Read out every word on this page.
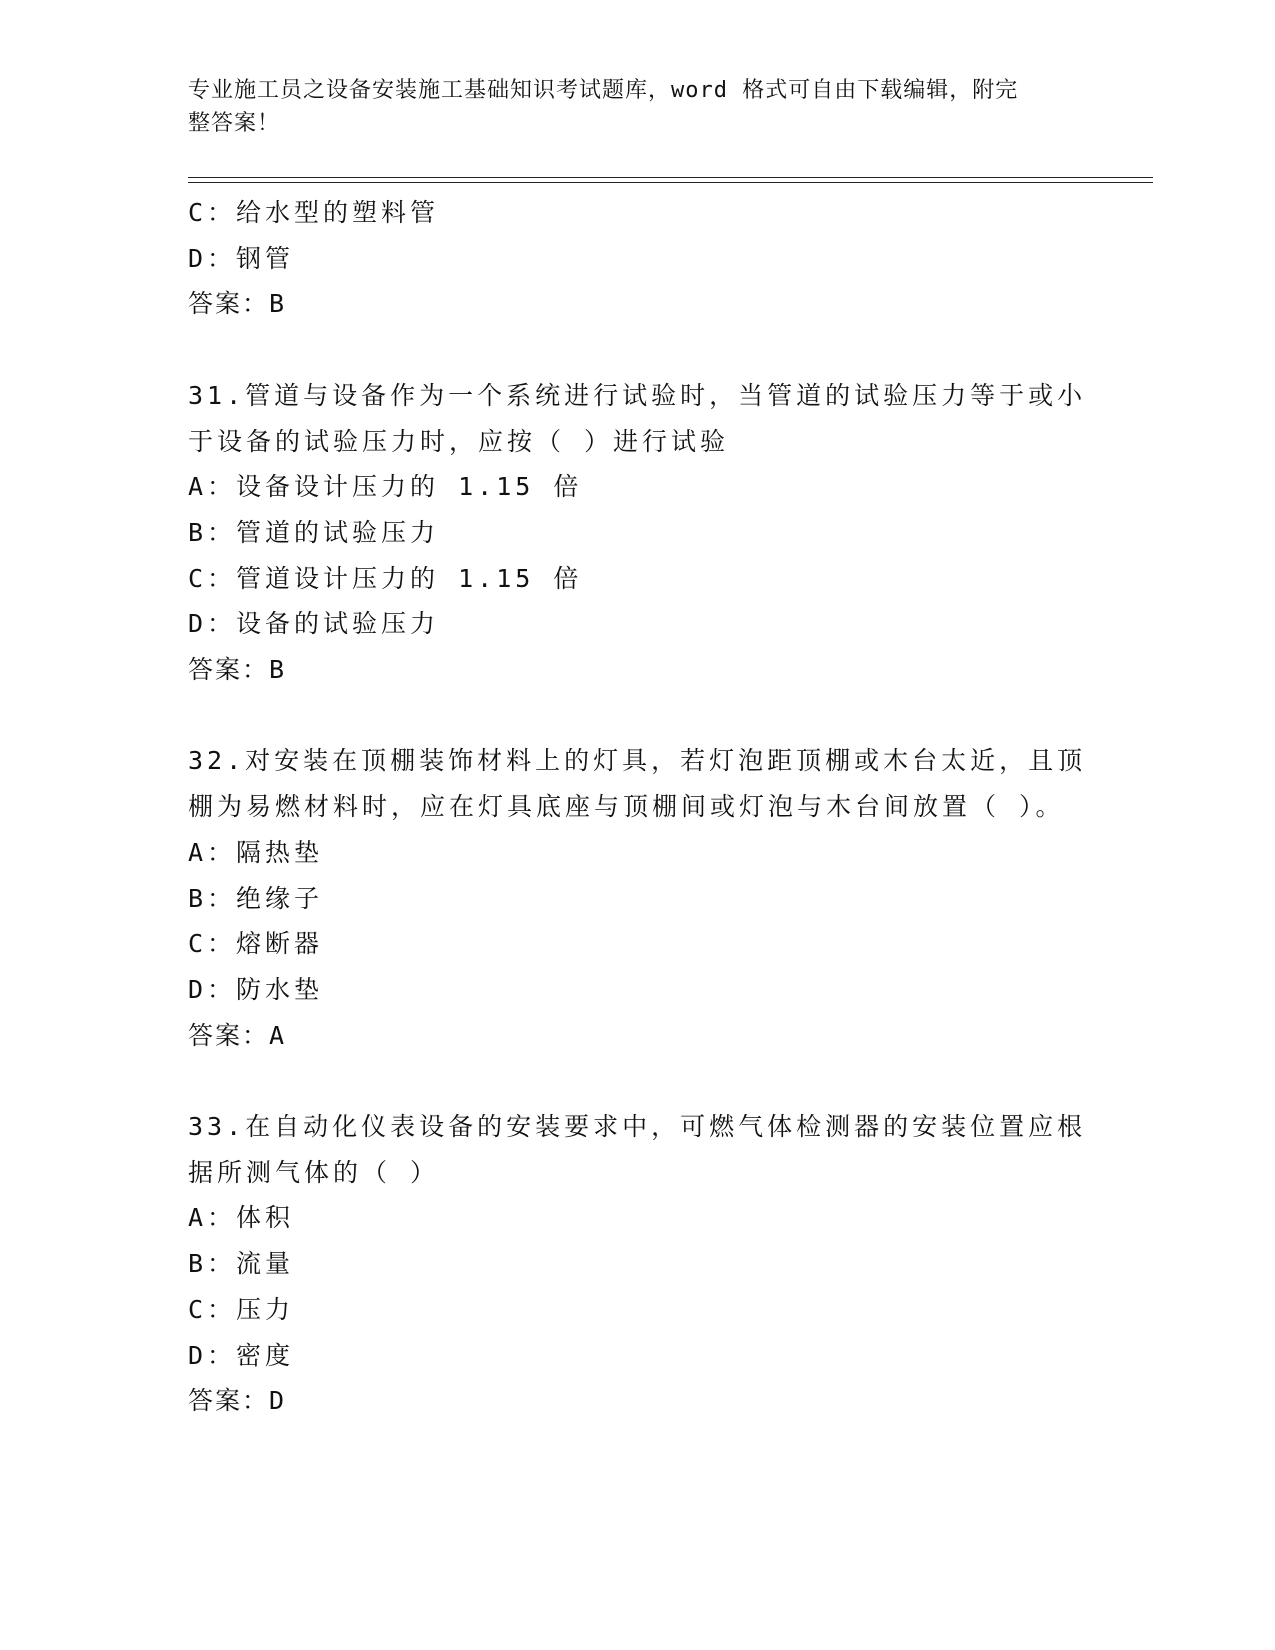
专业施工员之设备安装施工基础知识考试题库，word 格式可自由下载编辑，附完
整答案！
C：给水型的塑料管
D：钢管
答案：B
31.管道与设备作为一个系统进行试验时，当管道的试验压力等于或小
于设备的试验压力时，应按（ ）进行试验
A：设备设计压力的 1.15 倍
B：管道的试验压力
C：管道设计压力的 1.15 倍
D：设备的试验压力
答案：B
32.对安装在顶棚装饰材料上的灯具，若灯泡距顶棚或木台太近，且顶
棚为易燃材料时，应在灯具底座与顶棚间或灯泡与木台间放置（ ）。
A：隔热垫
B：绝缘子
C：熔断器
D：防水垫
答案：A
33.在自动化仪表设备的安装要求中，可燃气体检测器的安装位置应根
据所测气体的（ ）
A：体积
B：流量
C：压力
D：密度
答案：D
